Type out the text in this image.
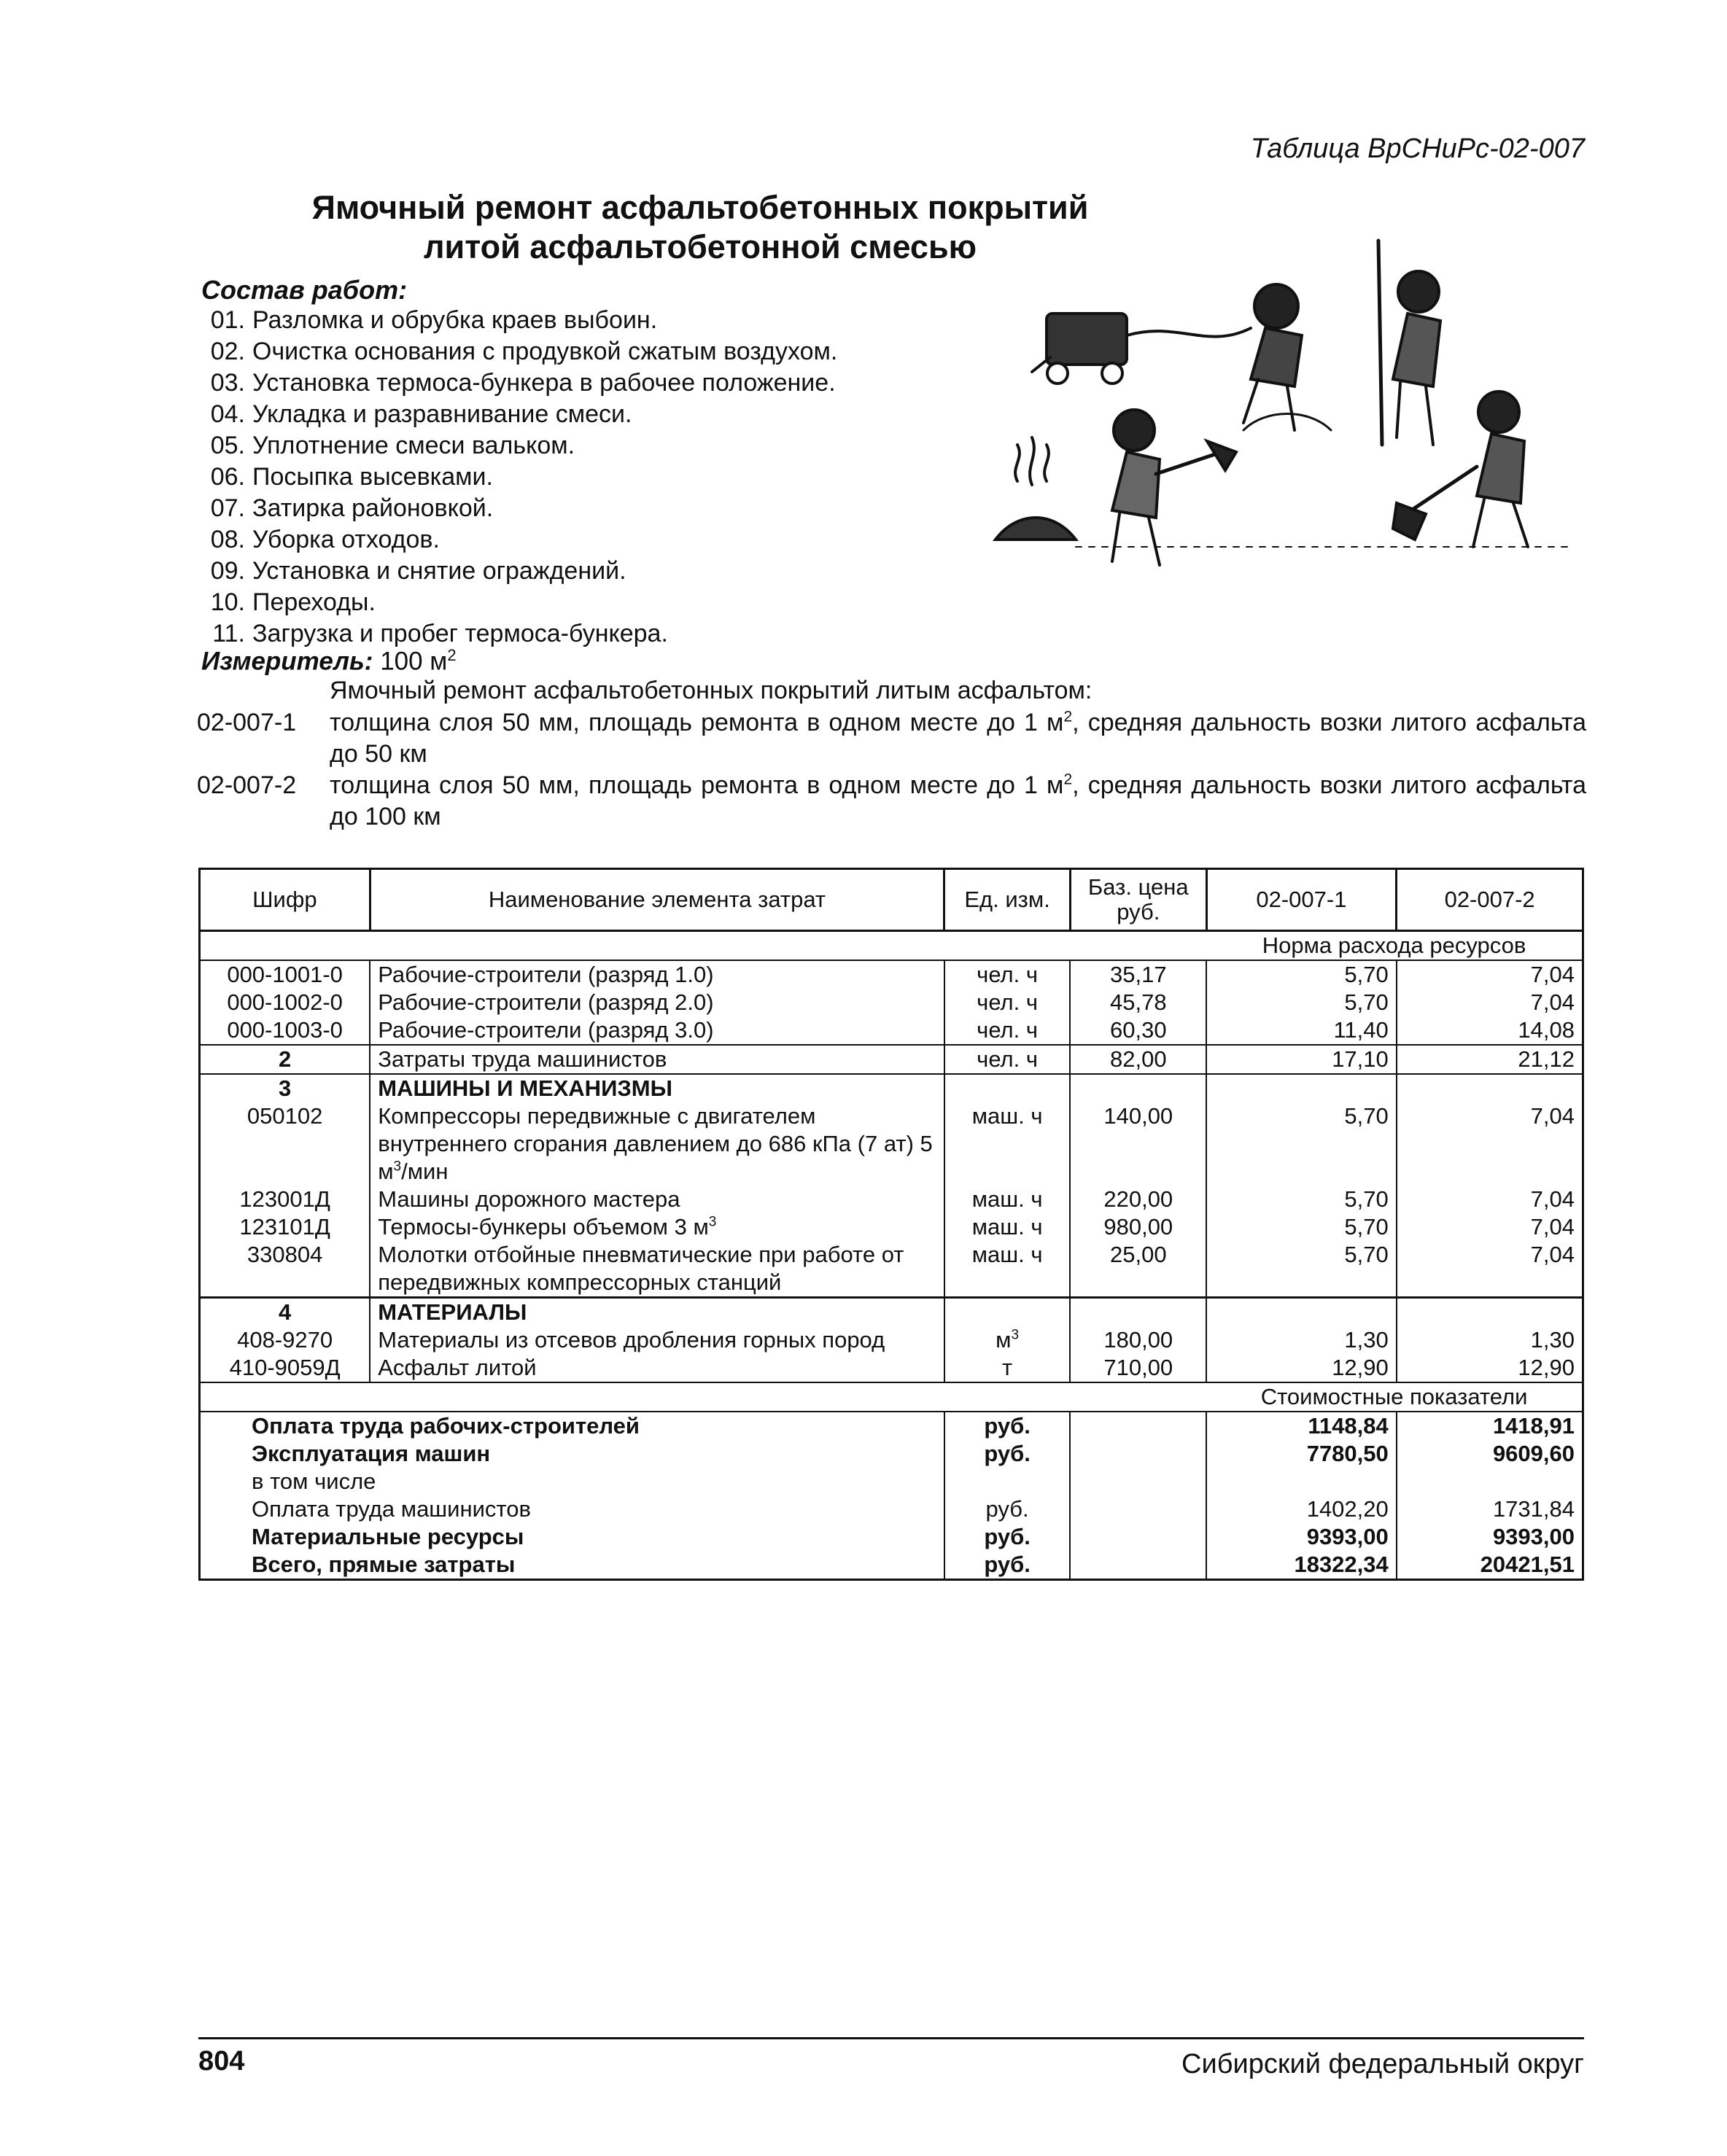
Таблица ВрСНиРс-02-007
Ямочный ремонт асфальтобетонных покрытий
литой асфальтобетонной смесью
Состав работ:
01. Разломка и обрубка краев выбоин.
02. Очистка основания с продувкой сжатым воздухом.
03. Установка термоса-бункера в рабочее положение.
04. Укладка и разравнивание смеси.
05. Уплотнение смеси вальком.
06. Посыпка высевками.
07. Затирка районовкой.
08. Уборка отходов.
09. Установка и снятие ограждений.
10. Переходы.
11. Загрузка и пробег термоса-бункера.
Измеритель: 100 $м^2$
Ямочный ремонт асфальтобетонных покрытий литым асфальтом:
02-007-1	толщина слоя 50 мм, площадь ремонта в одном месте до 1 $м^2$, средняя дальность возки литого асфальта до 50 км
02-007-2	толщина слоя 50 мм, площадь ремонта в одном месте до 1 $м^2$, средняя дальность возки литого асфальта до 100 км
Шифр	Наименование элемента затрат	Ед. изм.	Баз. цена руб.	02-007-1	02-007-2
				Норма расхода ресурсов	
000-1001-0	Рабочие-строители (разряд 1.0)	чел. ч	35,17	5,70	7,04
000-1002-0	Рабочие-строители (разряд 2.0)	чел. ч	45,78	5,70	7,04
000-1003-0	Рабочие-строители (разряд 3.0)	чел. ч	60,30	11,40	14,08
2	Затраты труда машинистов	чел. ч	82,00	17,10	21,12
3	МАШИНЫ И МЕХАНИЗМЫ				
050102	Компрессоры передвижные с двигателем внутреннего сгорания давлением до 686 кПа (7 ат) 5 $м^3$/мин	маш. ч	140,00	5,70	7,04
123001Д	Машины дорожного мастера	маш. ч	220,00	5,70	7,04
123101Д	Термосы-бункеры объемом 3 $м^3$	маш. ч	980,00	5,70	7,04
330804	Молотки отбойные пневматические при работе от передвижных компрессорных станций	маш. ч	25,00	5,70	7,04
4	МАТЕРИАЛЫ				
408-9270	Материалы из отсевов дробления горных пород	$м^3$	180,00	1,30	1,30
410-9059Д	Асфальт литой	т	710,00	12,90	12,90
				Стоимостные показатели	
Оплата труда рабочих-строителей		руб.		1148,84	1418,91
Эксплуатация машин		руб.		7780,50	9609,60
в том числе					
Оплата труда машинистов		руб.		1402,20	1731,84
Материальные ресурсы		руб.		9393,00	9393,00
Всего, прямые затраты		руб.		18322,34	20421,51
804	Сибирский федеральный округ
